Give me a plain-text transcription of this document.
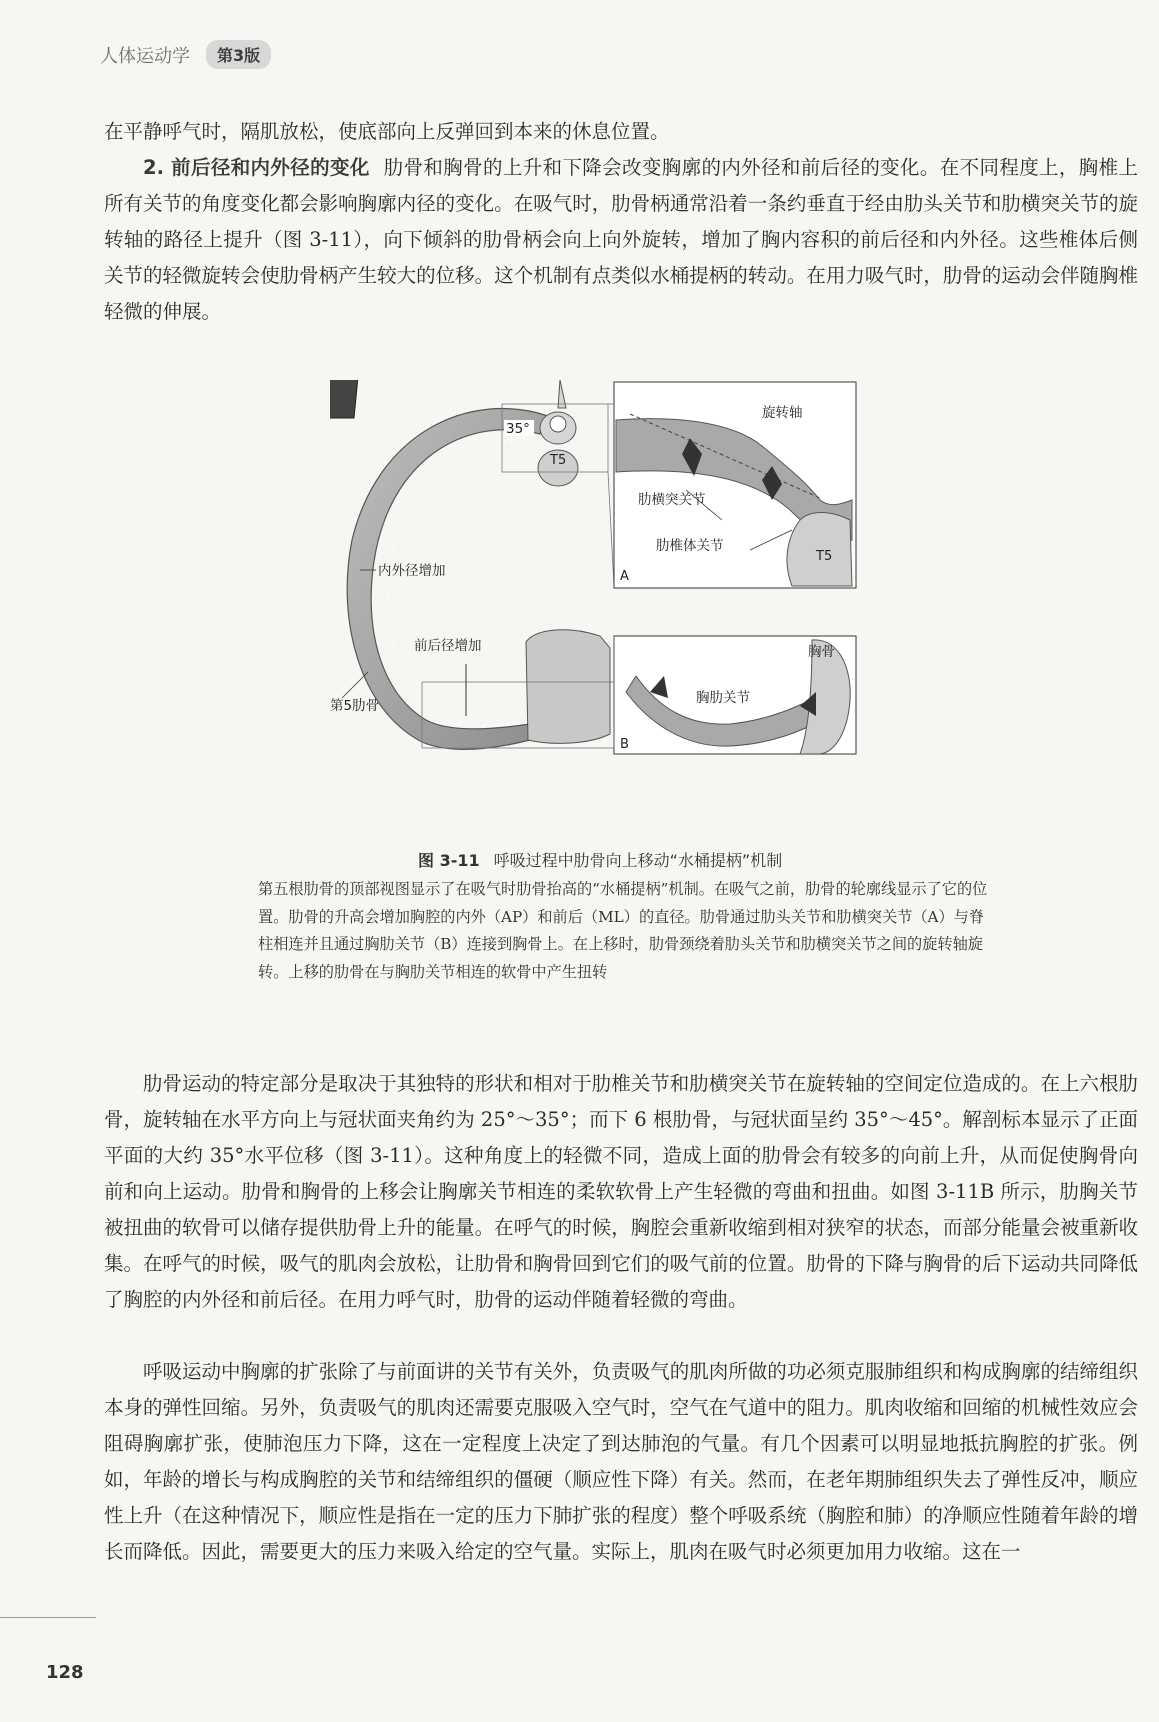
人体运动学	第3版

在平静呼气时，隔肌放松，使底部向上反弹回到本来的休息位置。

2. 前后径和内外径的变化 肋骨和胸骨的上升和下降会改变胸廓的内外径和前后径的变化。在不同程度上，胸椎上所有关节的角度变化都会影响胸廓内径的变化。在吸气时，肋骨柄通常沿着一条约垂直于经由肋头关节和肋横突关节的旋转轴的路径上提升（图 3-11），向下倾斜的肋骨柄会向上向外旋转，增加了胸内容积的前后径和内外径。这些椎体后侧关节的轻微旋转会使肋骨柄产生较大的位移。这个机制有点类似水桶提柄的转动。在用力吸气时，肋骨的运动会伴随胸椎轻微的伸展。

35°
T5
旋转轴
肋横突关节
肋椎体关节
T5
A
内外径增加
前后径增加	胸骨
胸肋关节
第5肋骨
B
图 3-11 呼吸过程中肋骨向上移动“水桶提柄”机制

第五根肋骨的顶部视图显示了在吸气时肋骨抬高的“水桶提柄”机制。在吸气之前，肋骨的轮廓线显示了它的位置。肋骨的升高会增加胸腔的内外（AP）和前后（ML）的直径。肋骨通过肋头关节和肋横突关节（A）与脊柱相连并且通过胸肋关节（B）连接到胸骨上。在上移时，肋骨颈绕着肋头关节和肋横突关节之间的旋转轴旋转。上移的肋骨在与胸肋关节相连的软骨中产生扭转

肋骨运动的特定部分是取决于其独特的形状和相对于肋椎关节和肋横突关节在旋转轴的空间定位造成的。在上六根肋骨，旋转轴在水平方向上与冠状面夹角约为 25°～35°；而下 6 根肋骨，与冠状面呈约 35°～45°。解剖标本显示了正面平面的大约 35°水平位移（图 3-11）。这种角度上的轻微不同，造成上面的肋骨会有较多的向前上升，从而促使胸骨向前和向上运动。肋骨和胸骨的上移会让胸廓关节相连的柔软软骨上产生轻微的弯曲和扭曲。如图 3-11B 所示，肋胸关节被扭曲的软骨可以储存提供肋骨上升的能量。在呼气的时候，胸腔会重新收缩到相对狭窄的状态，而部分能量会被重新收集。在呼气的时候，吸气的肌肉会放松，让肋骨和胸骨回到它们的吸气前的位置。肋骨的下降与胸骨的后下运动共同降低了胸腔的内外径和前后径。在用力呼气时，肋骨的运动伴随着轻微的弯曲。

呼吸运动中胸廓的扩张除了与前面讲的关节有关外，负责吸气的肌肉所做的功必须克服肺组织和构成胸廓的结缔组织本身的弹性回缩。另外，负责吸气的肌肉还需要克服吸入空气时，空气在气道中的阻力。肌肉收缩和回缩的机械性效应会阻碍胸廓扩张，使肺泡压力下降，这在一定程度上决定了到达肺泡的气量。有几个因素可以明显地抵抗胸腔的扩张。例如，年龄的增长与构成胸腔的关节和结缔组织的僵硬（顺应性下降）有关。然而，在老年期肺组织失去了弹性反冲，顺应性上升（在这种情况下，顺应性是指在一定的压力下肺扩张的程度）整个呼吸系统（胸腔和肺）的净顺应性随着年龄的增长而降低。因此，需要更大的压力来吸入给定的空气量。实际上，肌肉在吸气时必须更加用力收缩。这在一

128
